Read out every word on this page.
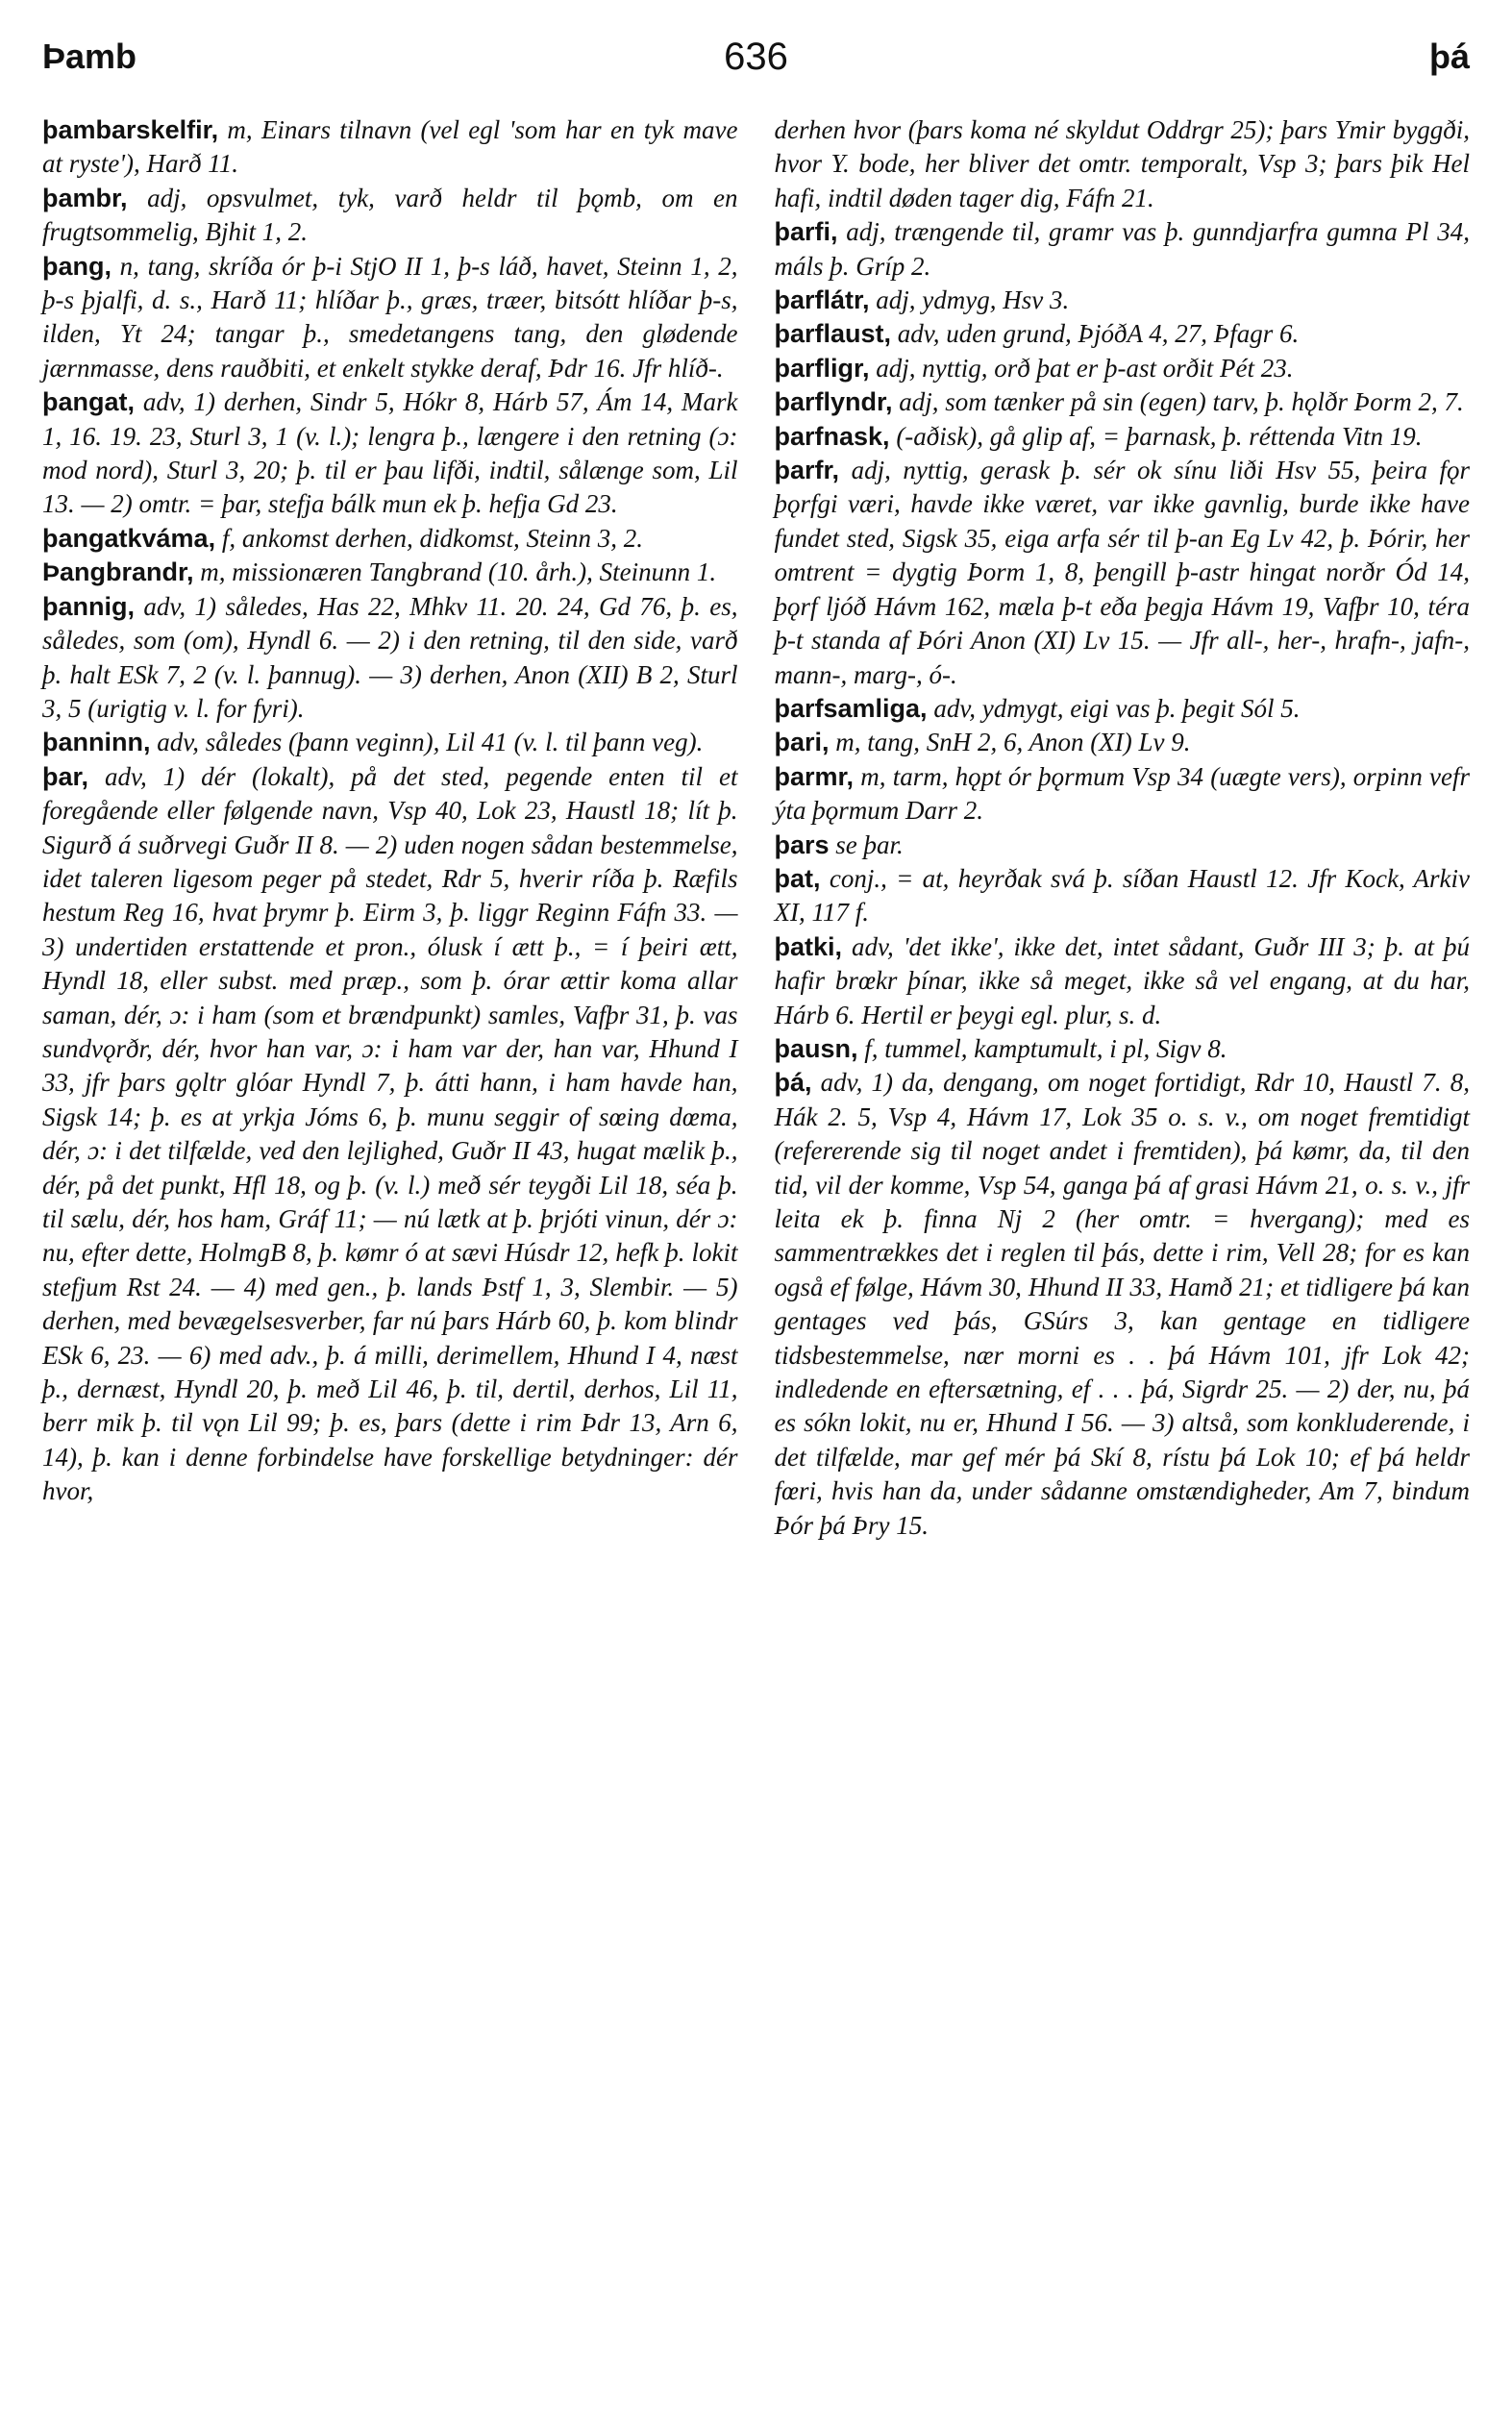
Þamb	636	þá

þambarskelfir, m, Einars tilnavn (vel egl 'som har en tyk mave at ryste'), Harð 11.

þambr, adj, opsvulmet, tyk, varð heldr til þǫmb, om en frugtsommelig, Bjhit 1, 2.

þang, n, tang, skríða ór þ-i StjO II 1, þ-s láð, havet, Steinn 1, 2, þ-s þjalfi, d. s., Harð 11; hlíðar þ., græs, træer, bitsótt hlíðar þ-s, ilden, Yt 24; tangar þ., smedetangens tang, den glødende jærnmasse, dens rauðbiti, et enkelt stykke deraf, Þdr 16. Jfr hlíð-.

þangat, adv, 1) derhen, Sindr 5, Hókr 8, Hárb 57, Ám 14, Mark 1, 16. 19. 23, Sturl 3, 1 (v. l.); lengra þ., længere i den retning (ɔ: mod nord), Sturl 3, 20; þ. til er þau lifði, indtil, sålænge som, Lil 13. — 2) omtr. = þar, stefja bálk mun ek þ. hefja Gd 23.

þangatkváma, f, ankomst derhen, didkomst, Steinn 3, 2.

Þangbrandr, m, missionæren Tangbrand (10. årh.), Steinunn 1.

þannig, adv, 1) således, Has 22, Mhkv 11. 20. 24, Gd 76, þ. es, således, som (om), Hyndl 6. — 2) i den retning, til den side, varð þ. halt ESk 7, 2 (v. l. þannug). — 3) derhen, Anon (XII) B 2, Sturl 3, 5 (urigtig v. l. for fyri).

þanninn, adv, således (þann veginn), Lil 41 (v. l. til þann veg).

þar, adv, 1) dér (lokalt), på det sted, pegende enten til et foregående eller følgende navn, Vsp 40, Lok 23, Haustl 18; lít þ. Sigurð á suðrvegi Guðr II 8. — 2) uden nogen sådan bestemmelse, idet taleren ligesom peger på stedet, Rdr 5, hverir ríða þ. Ræfils hestum Reg 16, hvat þrymr þ. Eirm 3, þ. liggr Reginn Fáfn 33. — 3) undertiden erstattende et pron., ólusk í ætt þ., = í þeiri ætt, Hyndl 18, eller subst. med præp., som þ. órar ættir koma allar saman, dér, ɔ: i ham (som et brændpunkt) samles, Vafþr 31, þ. vas sundvǫrðr, dér, hvor han var, ɔ: i ham var der, han var, Hhund I 33, jfr þars gǫltr glóar Hyndl 7, þ. átti hann, i ham havde han, Sigsk 14; þ. es at yrkja Jóms 6, þ. munu seggir of sœing dœma, dér, ɔ: i det tilfælde, ved den lejlighed, Guðr II 43, hugat mælik þ., dér, på det punkt, Hfl 18, og þ. (v. l.) með sér teygði Lil 18, séa þ. til sælu, dér, hos ham, Gráf 11; — nú lætk at þ. þrjóti vinun, dér ɔ: nu, efter dette, HolmgB 8, þ. kømr ó at sævi Húsdr 12, hefk þ. lokit stefjum Rst 24. — 4) med gen., þ. lands Þstf 1, 3, Slembir. — 5) derhen, med bevægelsesverber, far nú þars Hárb 60, þ. kom blindr ESk 6, 23. — 6) med adv., þ. á milli, derimellem, Hhund I 4, næst þ., dernæst, Hyndl 20, þ. með Lil 46, þ. til, dertil, derhos, Lil 11, berr mik þ. til vǫn Lil 99; þ. es, þars (dette i rim Þdr 13, Arn 6, 14), þ. kan i denne forbindelse have forskellige betydninger: dér hvor,

derhen hvor (þars koma né skyldut Oddrgr 25); þars Ymir byggði, hvor Y. bode, her bliver det omtr. temporalt, Vsp 3; þars þik Hel hafi, indtil døden tager dig, Fáfn 21.

þarfi, adj, trængende til, gramr vas þ. gunndjarfra gumna Pl 34, máls þ. Gríp 2.

þarflátr, adj, ydmyg, Hsv 3.

þarflaust, adv, uden grund, ÞjóðA 4, 27, Þfagr 6.

þarfligr, adj, nyttig, orð þat er þ-ast orðit Pét 23.

þarflyndr, adj, som tænker på sin (egen) tarv, þ. hǫlðr Þorm 2, 7.

þarfnask, (-aðisk), gå glip af, = þarnask, þ. réttenda Vitn 19.

þarfr, adj, nyttig, gerask þ. sér ok sínu liði Hsv 55, þeira fǫr þǫrfgi væri, havde ikke været, var ikke gavnlig, burde ikke have fundet sted, Sigsk 35, eiga arfa sér til þ-an Eg Lv 42, þ. Þórir, her omtrent = dygtig Þorm 1, 8, þengill þ-astr hingat norðr Ód 14, þǫrf ljóð Hávm 162, mæla þ-t eða þegja Hávm 19, Vafþr 10, téra þ-t standa af Þóri Anon (XI) Lv 15. — Jfr all-, her-, hrafn-, jafn-, mann-, marg-, ó-.

þarfsamliga, adv, ydmygt, eigi vas þ. þegit Sól 5.

þari, m, tang, SnH 2, 6, Anon (XI) Lv 9.

þarmr, m, tarm, hǫpt ór þǫrmum Vsp 34 (uægte vers), orpinn vefr ýta þǫrmum Darr 2.

þars se þar.

þat, conj., = at, heyrðak svá þ. síðan Haustl 12. Jfr Kock, Arkiv XI, 117 f.

þatki, adv, 'det ikke', ikke det, intet sådant, Guðr III 3; þ. at þú hafir brœkr þínar, ikke så meget, ikke så vel engang, at du har, Hárb 6. Hertil er þeygi egl. plur, s. d.

þausn, f, tummel, kamptumult, i pl, Sigv 8.

þá, adv, 1) da, dengang, om noget fortidigt, Rdr 10, Haustl 7. 8, Hák 2. 5, Vsp 4, Hávm 17, Lok 35 o. s. v., om noget fremtidigt (refererende sig til noget andet i fremtiden), þá kømr, da, til den tid, vil der komme, Vsp 54, ganga þá af grasi Hávm 21, o. s. v., jfr leita ek þ. finna Nj 2 (her omtr. = hvergang); med es sammentrækkes det i reglen til þás, dette i rim, Vell 28; for es kan også ef følge, Hávm 30, Hhund II 33, Hamð 21; et tidligere þá kan gentages ved þás, GSúrs 3, kan gentage en tidligere tidsbestemmelse, nær morni es . . þá Hávm 101, jfr Lok 42; indledende en eftersætning, ef . . . þá, Sigrdr 25. — 2) der, nu, þá es sókn lokit, nu er, Hhund I 56. — 3) altså, som konkluderende, i det tilfælde, mar gef mér þá Skí 8, rístu þá Lok 10; ef þá heldr fœri, hvis han da, under sådanne omstændigheder, Am 7, bindum Þór þá Þry 15.
